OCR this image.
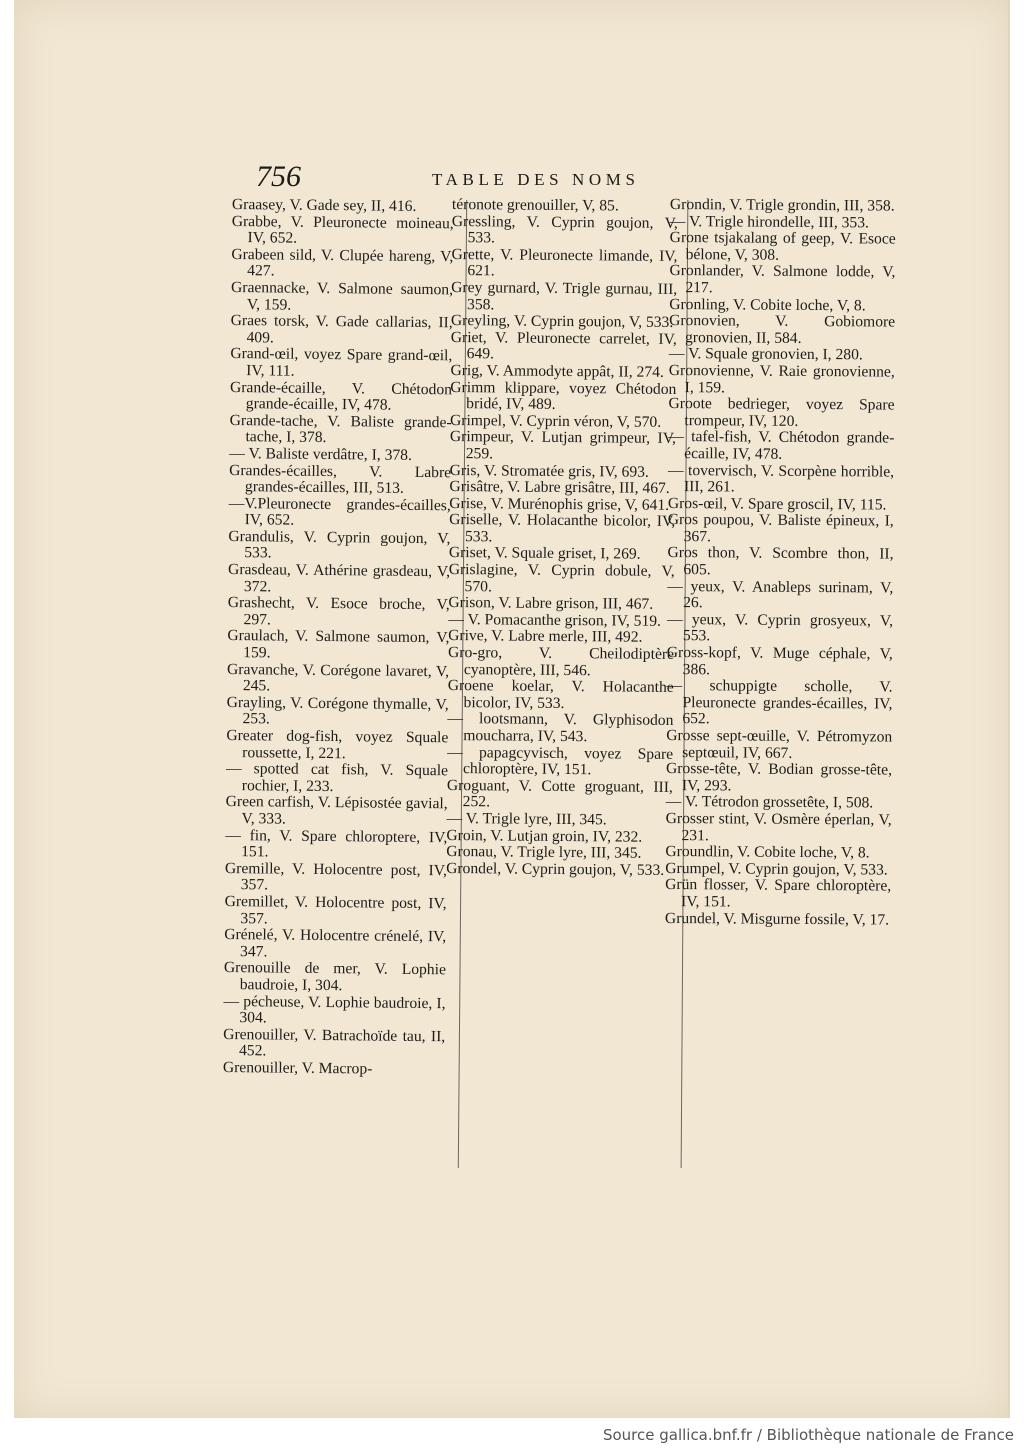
756	TABLE DES NOMS

Graasey, V. Gade sey, II, 416.

Grabbe, V. Pleuronecte moineau, IV, 652.

Grabeen sild, V. Clupée hareng, V, 427.

Graennacke, V. Salmone saumon, V, 159.

Graes torsk, V. Gade callarias, II, 409.

Grand-œil, voyez Spare grand-œil, IV, 111.

Grande-écaille, V. Chétodon grande-écaille, IV, 478.

Grande-tache, V. Baliste grande-tache, I, 378.

— V. Baliste verdâtre, I, 378.

Grandes-écailles, V. Labre grandes-écailles, III, 513.

—V.Pleuronecte grandes-écailles, IV, 652.

Grandulis, V. Cyprin goujon, V, 533.

Grasdeau, V. Athérine grasdeau, V, 372.

Grashecht, V. Esoce broche, V, 297.

Graulach, V. Salmone saumon, V, 159.

Gravanche, V. Corégone lavaret, V, 245.

Grayling, V. Corégone thymalle, V, 253.

Greater dog-fish, voyez Squale roussette, I, 221.

— spotted cat fish, V. Squale rochier, I, 233.

Green carfish, V. Lépisostée gavial, V, 333.

— fin, V. Spare chloroptere, IV, 151.

Gremille, V. Holocentre post, IV, 357.

Gremillet, V. Holocentre post, IV, 357.

Grénelé, V. Holocentre crénelé, IV, 347.

Grenouille de mer, V. Lophie baudroie, I, 304.

— pécheuse, V. Lophie baudroie, I, 304.

Grenouiller, V. Batrachoïde tau, II, 452.

Grenouiller, V. Macrop-

téronote grenouiller, V, 85.

Gressling, V. Cyprin goujon, V, 533.

Grette, V. Pleuronecte limande, IV, 621.

Grey gurnard, V. Trigle gurnau, III, 358.

Greyling, V. Cyprin goujon, V, 533.

Griet, V. Pleuronecte carrelet, IV, 649.

Grig, V. Ammodyte appât, II, 274.

Grimm klippare, voyez Chétodon bridé, IV, 489.

Grimpel, V. Cyprin véron, V, 570.

Grimpeur, V. Lutjan grimpeur, IV, 259.

Gris, V. Stromatée gris, IV, 693.

Grisâtre, V. Labre grisâtre, III, 467.

Grise, V. Murénophis grise, V, 641.

Griselle, V. Holacanthe bicolor, IV, 533.

Griset, V. Squale griset, I, 269.

Grislagine, V. Cyprin dobule, V, 570.

Grison, V. Labre grison, III, 467.

— V. Pomacanthe grison, IV, 519.

Grive, V. Labre merle, III, 492.

Gro-gro, V. Cheilodiptère cyanoptère, III, 546.

Groene koelar, V. Holacanthe bicolor, IV, 533.

— lootsmann, V. Glyphisodon moucharra, IV, 543.

— papagcyvisch, voyez Spare chloroptère, IV, 151.

Groguant, V. Cotte groguant, III, 252.

— V. Trigle lyre, III, 345.

Groin, V. Lutjan groin, IV, 232.

Gronau, V. Trigle lyre, III, 345.

Grondel, V. Cyprin goujon, V, 533.

Grondin, V. Trigle grondin, III, 358.

— V. Trigle hirondelle, III, 353.

Grone tsjakalang of geep, V. Esoce bélone, V, 308.

Gronlander, V. Salmone lodde, V, 217.

Gronling, V. Cobite loche, V, 8.

Gronovien, V. Gobiomore gronovien, II, 584.

— V. Squale gronovien, I, 280.

Gronovienne, V. Raie gronovienne, I, 159.

Groote bedrieger, voyez Spare trompeur, IV, 120.

— tafel-fish, V. Chétodon grande-écaille, IV, 478.

— tovervisch, V. Scorpène horrible, III, 261.

Gros-œil, V. Spare groscil, IV, 115.

Gros poupou, V. Baliste épineux, I, 367.

Gros thon, V. Scombre thon, II, 605.

— yeux, V. Anableps surinam, V, 26.

— yeux, V. Cyprin grosyeux, V, 553.

Gross-kopf, V. Muge céphale, V, 386.

— schuppigte scholle, V. Pleuronecte grandes-écailles, IV, 652.

Grosse sept-œuille, V. Pétromyzon septœuil, IV, 667.

Grosse-tête, V. Bodian grosse-tête, IV, 293.

— V. Tétrodon grossetête, I, 508.

Grosser stint, V. Osmère éperlan, V, 231.

Groundlin, V. Cobite loche, V, 8.

Grumpel, V. Cyprin goujon, V, 533.

Grün flosser, V. Spare chloroptère, IV, 151.

Grundel, V. Misgurne fossile, V, 17.

Source gallica.bnf.fr / Bibliothèque nationale de France
